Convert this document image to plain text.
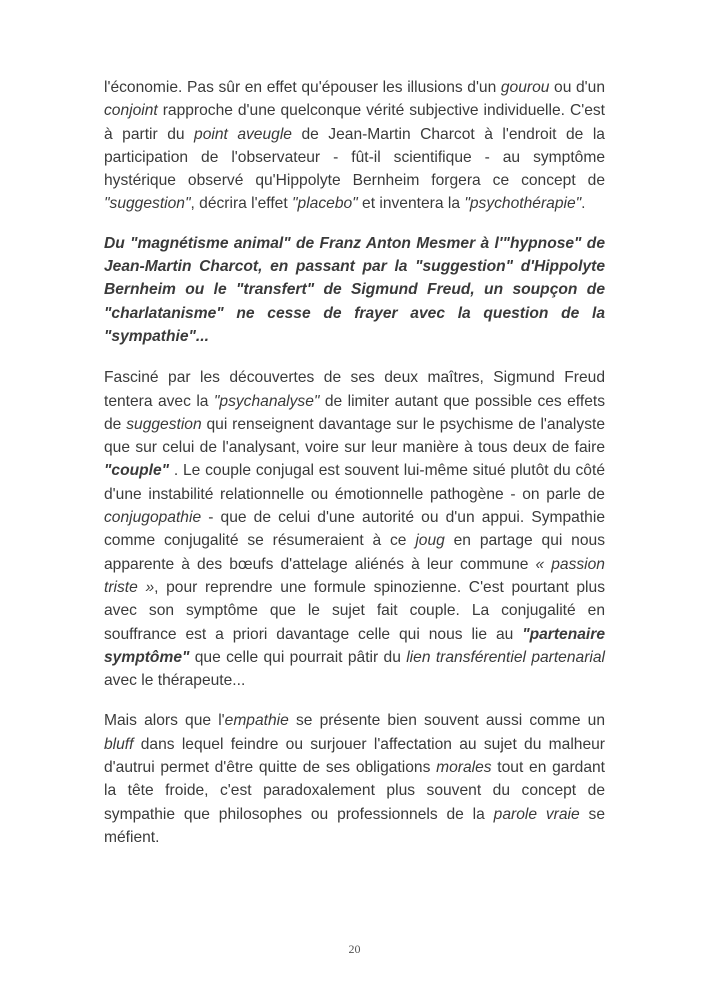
l'économie. Pas sûr en effet qu'épouser les illusions d'un gourou ou d'un conjoint rapproche d'une quelconque vérité subjective individuelle. C'est à partir du point aveugle de Jean-Martin Charcot à l'endroit de la participation de l'observateur - fût-il scientifique - au symptôme hystérique observé qu'Hippolyte Bernheim forgera ce concept de "suggestion", décrira l'effet "placebo" et inventera la "psychothérapie".

Du "magnétisme animal" de Franz Anton Mesmer à l'"hypnose" de Jean-Martin Charcot, en passant par la "suggestion" d'Hippolyte Bernheim ou le "transfert" de Sigmund Freud, un soupçon de "charlatanisme" ne cesse de frayer avec la question de la "sympathie"...

Fasciné par les découvertes de ses deux maîtres, Sigmund Freud tentera avec la "psychanalyse" de limiter autant que possible ces effets de suggestion qui renseignent davantage sur le psychisme de l'analyste que sur celui de l'analysant, voire sur leur manière à tous deux de faire "couple" . Le couple conjugal est souvent lui-même situé plutôt du côté d'une instabilité relationnelle ou émotionnelle pathogène - on parle de conjugopathie - que de celui d'une autorité ou d'un appui. Sympathie comme conjugalité se résumeraient à ce joug en partage qui nous apparente à des bœufs d'attelage aliénés à leur commune « passion triste », pour reprendre une formule spinozienne. C'est pourtant plus avec son symptôme que le sujet fait couple. La conjugalité en souffrance est a priori davantage celle qui nous lie au "partenaire symptôme" que celle qui pourrait pâtir du lien transférentiel partenarial avec le thérapeute...

Mais alors que l'empathie se présente bien souvent aussi comme un bluff dans lequel feindre ou surjouer l'affectation au sujet du malheur d'autrui permet d'être quitte de ses obligations morales tout en gardant la tête froide, c'est paradoxalement plus souvent du concept de sympathie que philosophes ou professionnels de la parole vraie se méfient.

20
